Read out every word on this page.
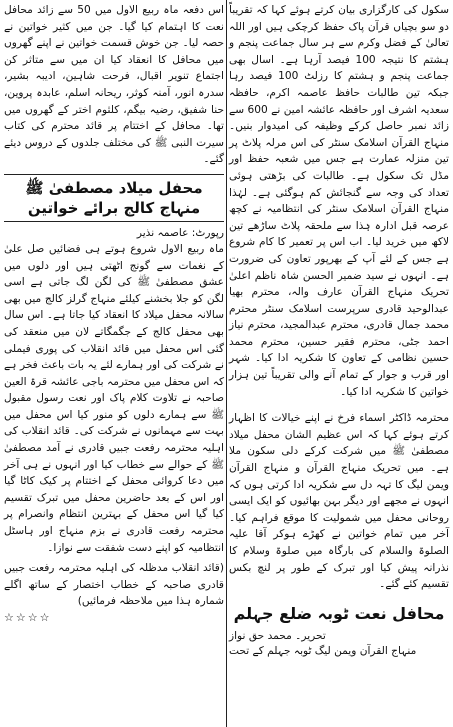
سکول کی کارگزاری بیان کرتے ہوئے کہا کہ تقریباً دو سو بچیاں قرآن پاک حفظ کرچکی ہیں اور اللہ تعالیٰ کے فضل وکرم سے ہر سال جماعت پنجم و ہشتم کا نتیجہ 100 فیصد آرہا ہے۔ اسال بھی جماعت پنجم و ہشتم کا رزلٹ 100 فیصد رہا جبکہ تین طالبات حافظ عاصمہ اکرم، حافظہ سعدیہ اشرف اور حافظہ عائشہ امین نے 600 سے زائد نمبر حاصل کرکے وظیفہ کی امیدوار بنیں۔ منہاج القرآن اسلامک سنٹر کی اس مرلہ پلاٹ پر تین منزلہ عمارت ہے جس میں شعبہ حفظ اور مڈل تک سکول ہے۔ طالبات کی بڑھتی ہوئی تعداد کی وجہ سے گنجائش کم ہوگئی ہے۔ لہٰذا منہاج القرآن اسلامک سنٹر کی انتظامیہ نے کچھ عرصہ قبل ادارہ ہٰذا سے ملحقہ پلاٹ ساڑھے تین لاکھ میں خرید لیا۔ اب اس پر تعمیر کا کام شروع ہے جس کے لئے آپ کے بھرپور تعاون کی ضرورت ہے۔ انہوں نے سید ضمیر الحسن شاہ ناظم اعلیٰ تحریک منہاج القرآن عارف والہ، محترم بھیا عبدالوحید قادری سرپرست اسلامک سنٹر محترم محمد جمال قادری، محترم عبدالمجید، محترم نیاز احمد جٹی، محترم فقیر حسین، محترم محمد حسین نظامی کے تعاون کا شکریہ ادا کیا۔ شہر اور قرب و جوار کے تمام آنے والی تقریباً تین ہزار خواتین کا شکریہ ادا کیا۔

محترمہ ڈاکٹر اسماء فرخ نے اپنے خیالات کا اظہار کرتے ہوئے کہا کہ اس عظیم الشان محفل میلاد مصطفیٰ ﷺ میں شرکت کرکے دلی سکون ملا ہے۔ میں تحریک منہاج القرآن و منہاج القرآن ویمن لیگ کا تہہ دل سے شکریہ ادا کرتی ہوں کہ انہوں نے مجھے اور دیگر بہن بھائیوں کو ایک ایسی روحانی محفل میں شمولیت کا موقع فراہم کیا۔ آخر میں تمام خواتین نے کھڑے ہوکر آقا علیہ الصلوۃ والسلام کی بارگاہ میں صلوۃ وسلام کا نذرانہ پیش کیا اور تبرک کے طور پر لنچ بکس تقسیم کئے گئے۔

محافل نعت ٹوبہ ضلع جہلم
تحریر۔ محمد حق نواز
منہاج القرآن ویمن لیگ ٹوبہ جہلم کے تحت

اس دفعہ ماہ ربیع الاول میں 50 سے زائد محافل نعت کا اہتمام کیا گیا۔ جن میں کثیر خواتین نے حصہ لیا۔ جن خوش قسمت خواتین نے اپنے گھروں میں محافل کا انعقاد کیا ان میں سے متاثر کن اجتماع تنویر اقبال، فرحت شاہین، ادیبہ بشیر، سدرہ انور، آمنہ کوثر، ریحانہ اسلم، عابدہ پروین، حنا شفیق، رضیہ بیگم، کلثوم اختر کے گھروں میں تھا۔ محافل کے اختتام پر قائد محترم کی کتاب سیرت النبی ﷺ کی مختلف جلدوں کے دروس دیئے گئے۔

محفل میلاد مصطفیٰ ﷺ منہاج کالج برائے خواتین
رپورٹ: عاصمہ نذیر

ماہ ربیع الاول شروع ہوتے ہی فضائیں صل علیٰ کے نغمات سے گونج اٹھتی ہیں اور دلوں میں عشق مصطفیٰ ﷺ کی لگن لگ جاتی ہے اسی لگن کو جلا بخشنے کیلئے منہاج گرلز کالج میں بھی سالانہ محفل میلاد کا انعقاد کیا جاتا ہے۔ اس سال بھی محفل کالج کے جگمگاتے لان میں منعقد کی گئی اس محفل میں قائد انقلاب کی پوری فیملی نے شرکت کی اور ہمارے لئے یہ بات باعث فخر ہے کہ اس محفل میں محترمہ باجی عائشہ قرۃ العین صاحبہ نے تلاوت کلام پاک اور نعت رسول مقبول ﷺ سے ہمارے دلوں کو منور کیا اس محفل میں بہت سے مہمانوں نے شرکت کی۔ قائد انقلاب کی اہلیہ محترمہ رفعت جبیں قادری نے آمد مصطفیٰ ﷺ کے حوالے سے خطاب کیا اور انہوں نے ہی آخر میں دعا کروائی محفل کے اختتام پر کیک کاٹا گیا اور اس کے بعد حاضرین محفل میں تبرک تقسیم کیا گیا اس محفل کے بہترین انتظام وانصرام پر محترمہ رفعت قادری نے بزم منہاج اور ہاسٹل انتظامیہ کو اپنے دست شفقت سے نوازا۔

(قائد انقلاب مدظلہ کی اہلیہ محترمہ رفعت جبیں قادری صاحبہ کے خطاب اختصار کے ساتھ اگلے شمارہ ہذا میں ملاحظہ فرمائیں)

☆☆☆☆
